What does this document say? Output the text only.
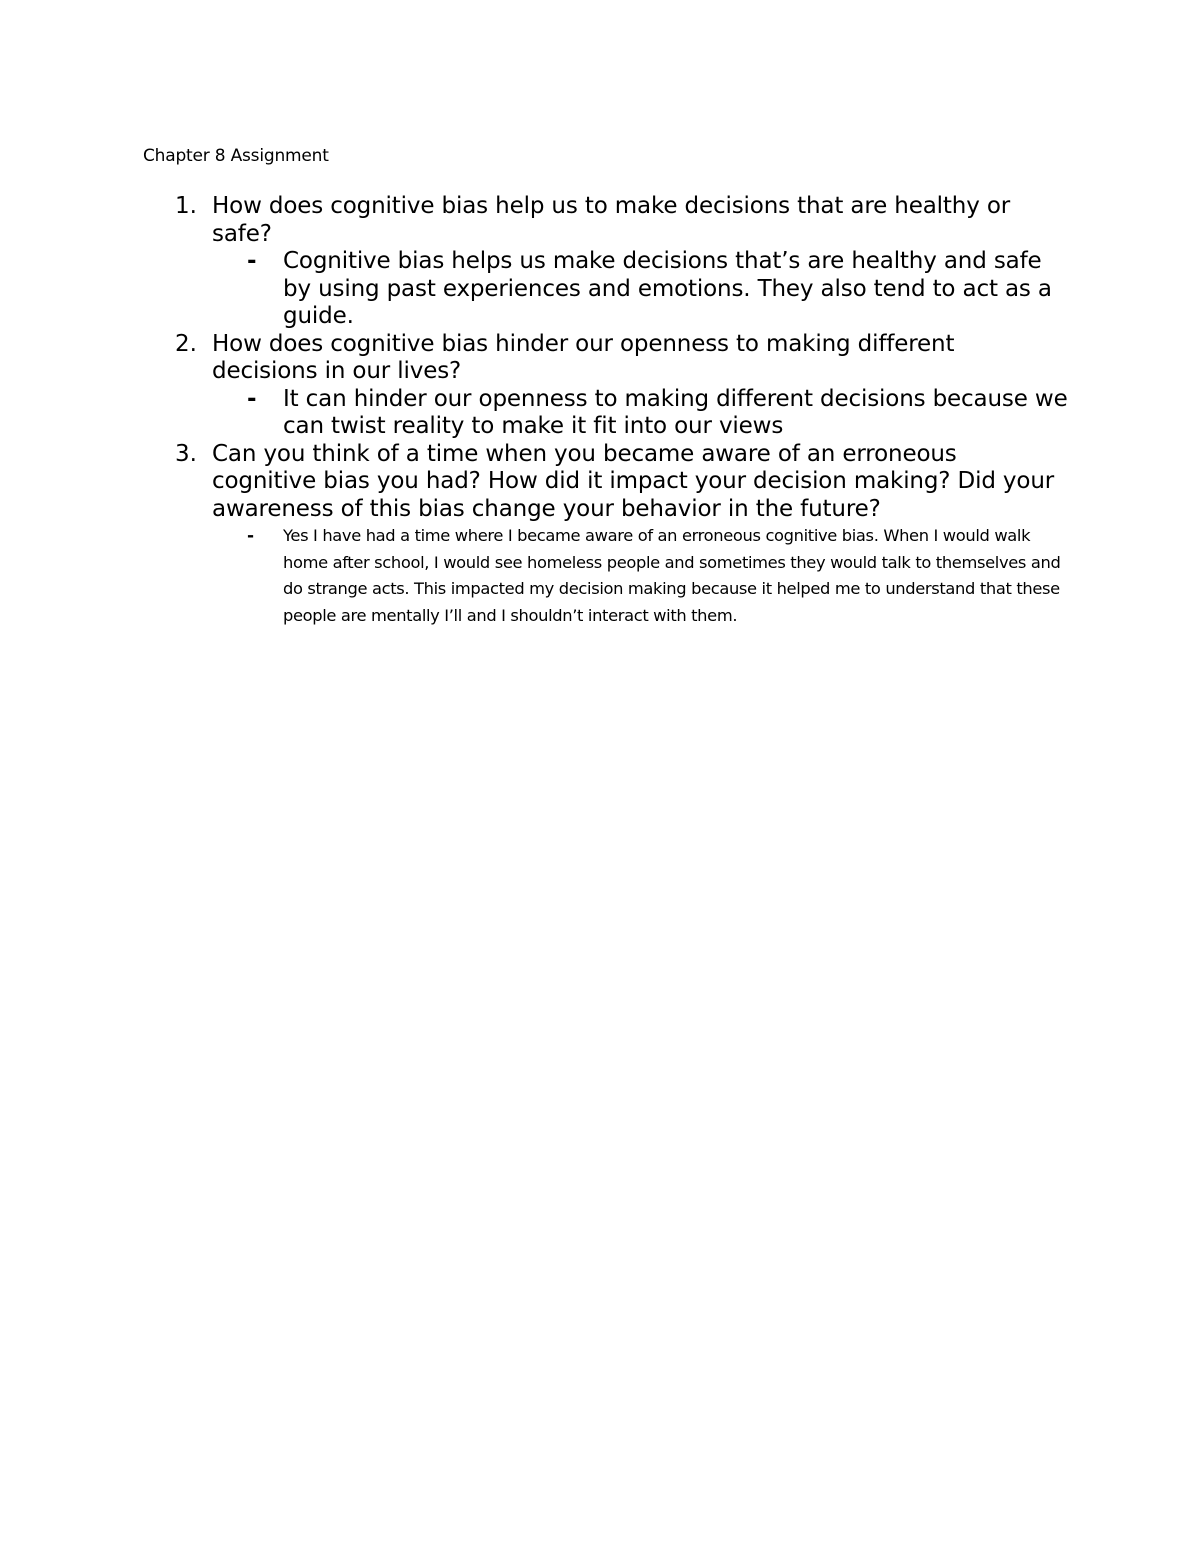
Chapter 8 Assignment
1. How does cognitive bias help us to make decisions that are healthy or safe?
- Cognitive bias helps us make decisions that’s are healthy and safe by using past experiences and emotions. They also tend to act as a guide.
2. How does cognitive bias hinder our openness to making different decisions in our lives?
- It can hinder our openness to making different decisions because we can twist reality to make it fit into our views
3. Can you think of a time when you became aware of an erroneous cognitive bias you had? How did it impact your decision making? Did your awareness of this bias change your behavior in the future?
- Yes I have had a time where I became aware of an erroneous cognitive bias. When I would walk home after school, I would see homeless people and sometimes they would talk to themselves and do strange acts. This impacted my decision making because it helped me to understand that these people are mentally I’ll and I shouldn’t interact with them.
